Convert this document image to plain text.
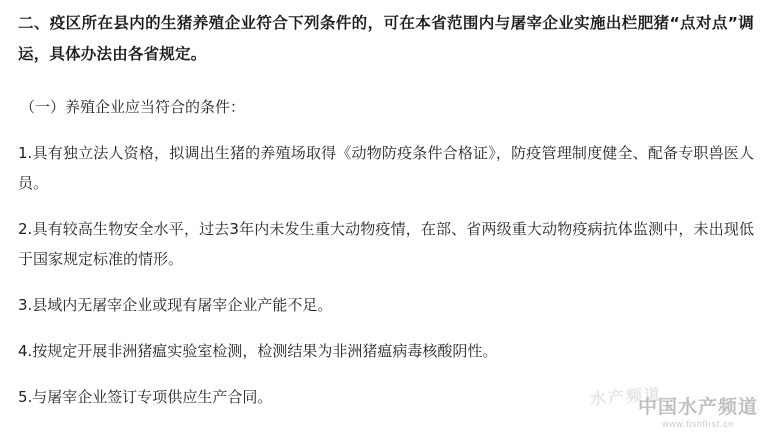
二、疫区所在县内的生猪养殖企业符合下列条件的，可在本省范围内与屠宰企业实施出栏肥猪“点对点”调运，具体办法由各省规定。

（一）养殖企业应当符合的条件：

1.具有独立法人资格，拟调出生猪的养殖场取得《动物防疫条件合格证》，防疫管理制度健全、配备专职兽医人员。

2.具有较高生物安全水平，过去3年内未发生重大动物疫情，在部、省两级重大动物疫病抗体监测中，未出现低于国家规定标准的情形。

3.县域内无屠宰企业或现有屠宰企业产能不足。

4.按规定开展非洲猪瘟实验室检测，检测结果为非洲猪瘟病毒核酸阴性。

5.与屠宰企业签订专项供应生产合同。	水产频道
中国水产频道
www.fishfirst.cn
